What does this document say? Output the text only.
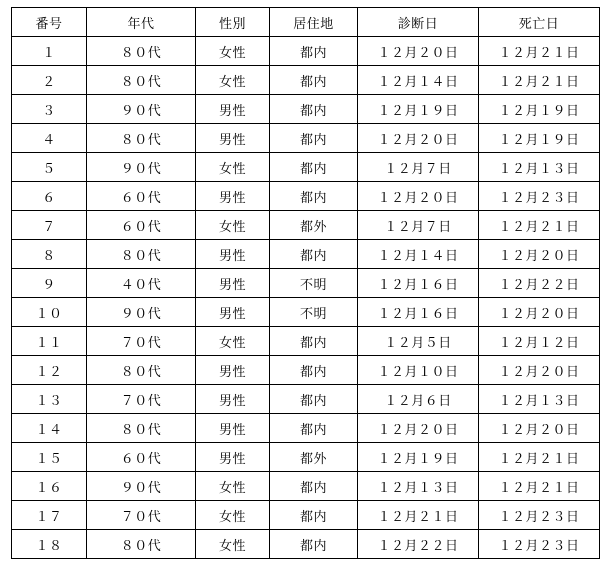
番号	年代	性別	居住地	診断日	死亡日
１	８０代	女性	都内	１２月２０日	１２月２１日
２	８０代	女性	都内	１２月１４日	１２月２１日
３	９０代	男性	都内	１２月１９日	１２月１９日
４	８０代	男性	都内	１２月２０日	１２月１９日
５	９０代	女性	都内	１２月７日	１２月１３日
６	６０代	男性	都内	１２月２０日	１２月２３日
７	６０代	女性	都外	１２月７日	１２月２１日
８	８０代	男性	都内	１２月１４日	１２月２０日
９	４０代	男性	不明	１２月１６日	１２月２２日
１０	９０代	男性	不明	１２月１６日	１２月２０日
１１	７０代	女性	都内	１２月５日	１２月１２日
１２	８０代	男性	都内	１２月１０日	１２月２０日
１３	７０代	男性	都内	１２月６日	１２月１３日
１４	８０代	男性	都内	１２月２０日	１２月２０日
１５	６０代	男性	都外	１２月１９日	１２月２１日
１６	９０代	女性	都内	１２月１３日	１２月２１日
１７	７０代	女性	都内	１２月２１日	１２月２３日
１８	８０代	女性	都内	１２月２２日	１２月２３日
